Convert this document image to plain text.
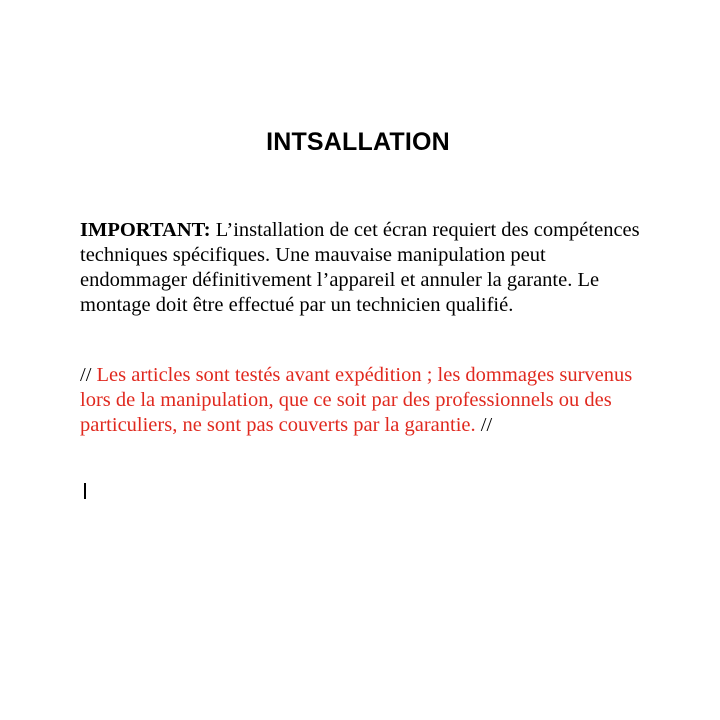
INTSALLATION

IMPORTANT: L’installation de cet écran requiert des compétences techniques spécifiques. Une mauvaise manipulation peut endommager définitivement l’appareil et annuler la garante. Le montage doit être effectué par un technicien qualifié.

// Les articles sont testés avant expédition ; les dommages survenus lors de la manipulation, que ce soit par des professionnels ou des particuliers, ne sont pas couverts par la garantie. //
